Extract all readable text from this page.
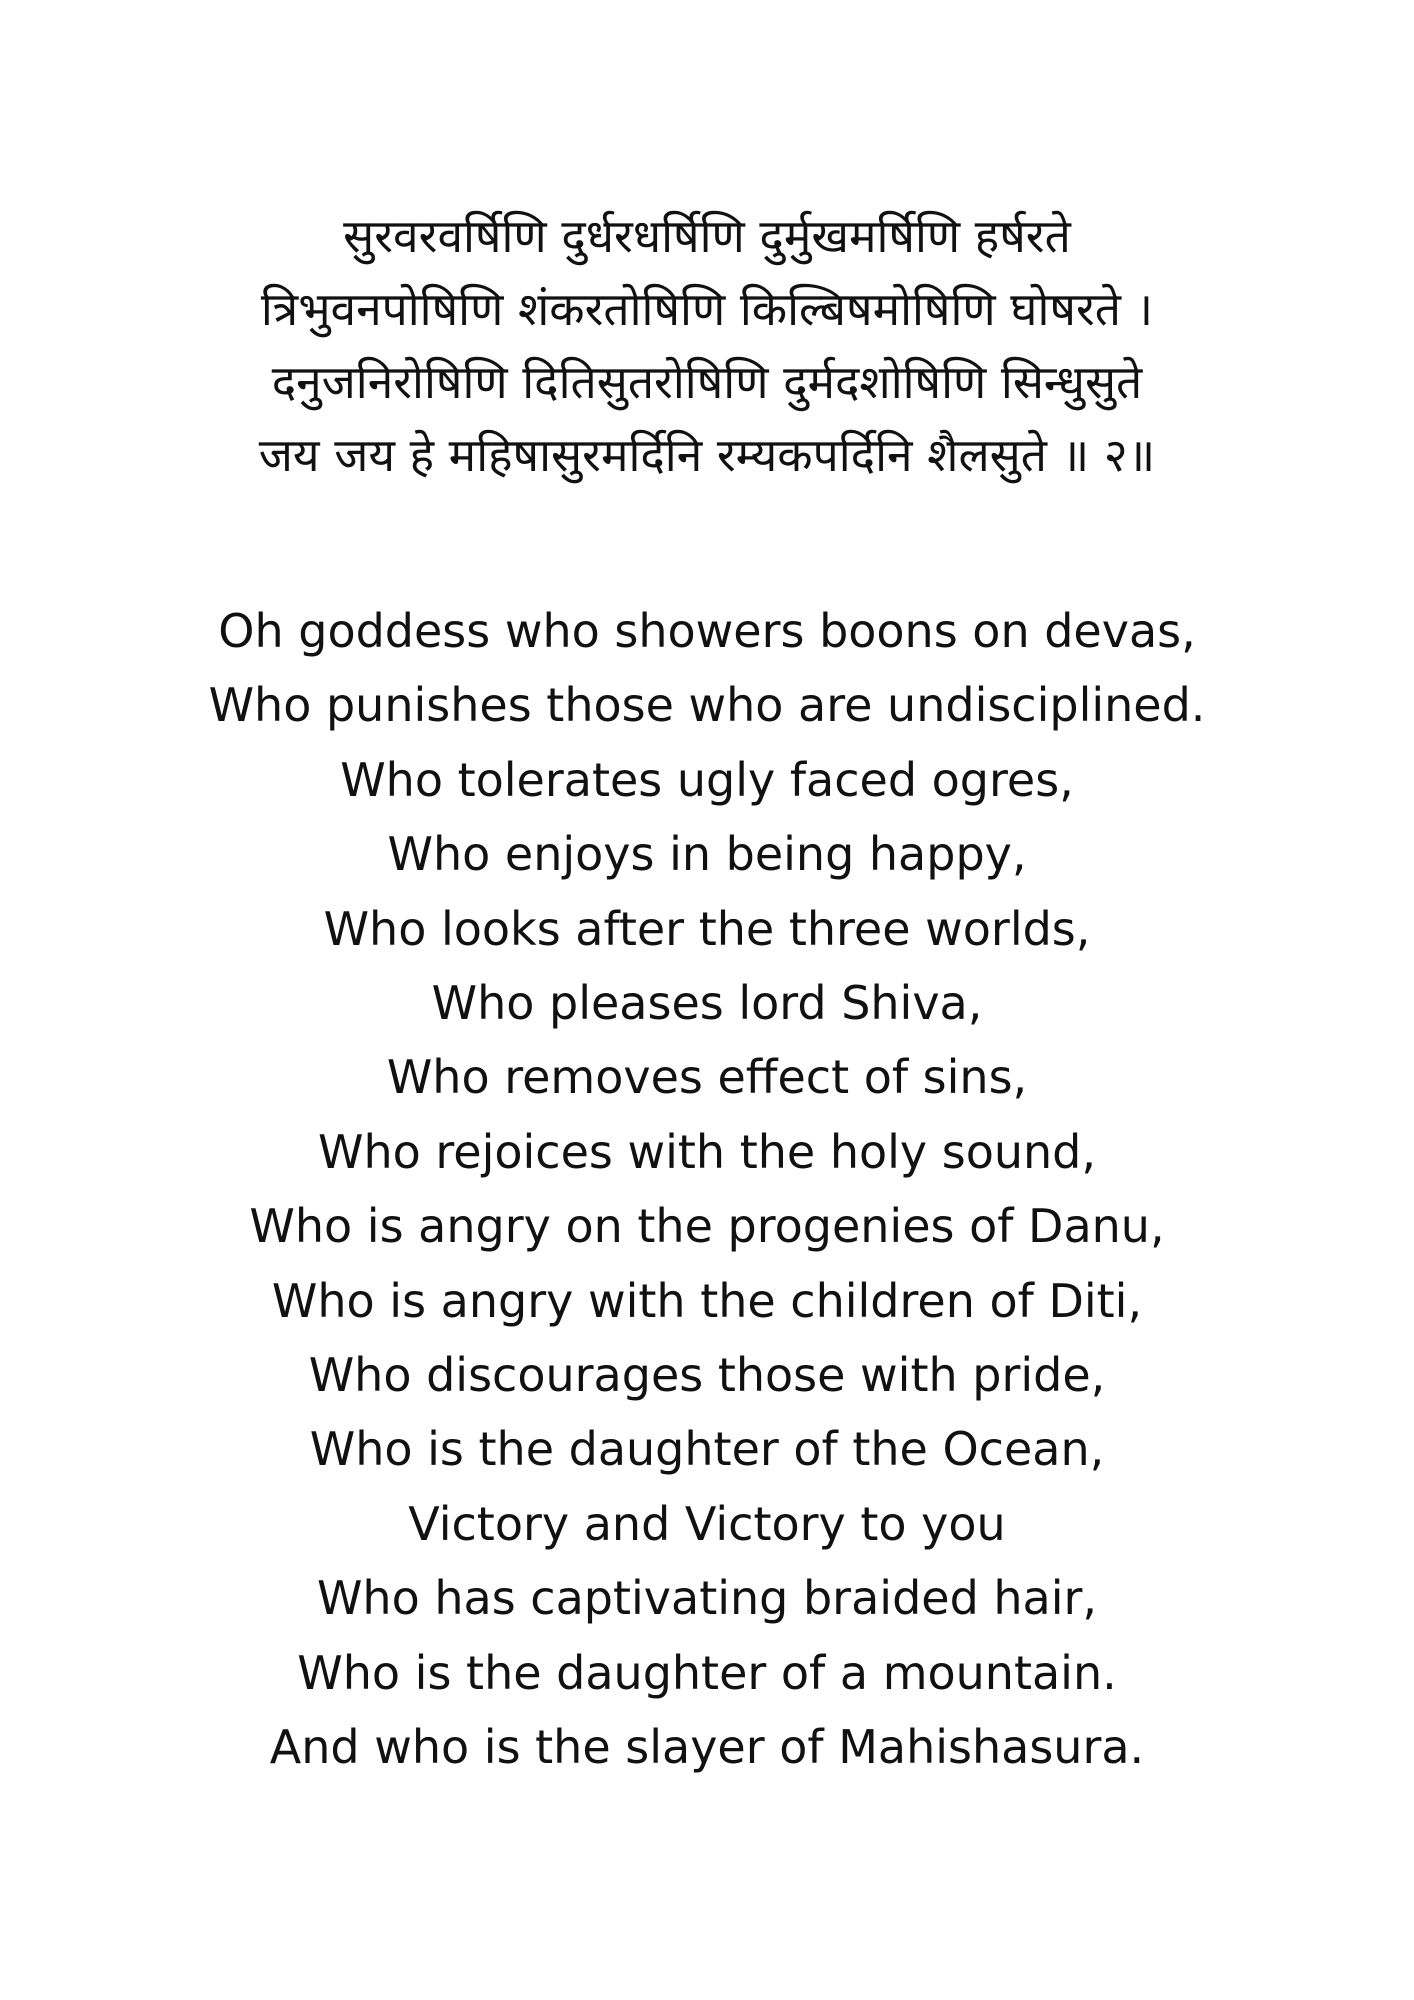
सुरवरवर्षिणि दुर्धरधर्षिणि दुर्मुखमर्षिणि हर्षरते
त्रिभुवनपोषिणि शंकरतोषिणि किल्बिषमोषिणि घोषरते ।
दनुजनिरोषिणि दितिसुतरोषिणि दुर्मदशोषिणि सिन्धुसुते
जय जय हे महिषासुरमर्दिनि रम्यकपर्दिनि शैलसुते ॥ २॥
Oh goddess who showers boons on devas,
Who punishes those who are undisciplined.
Who tolerates ugly faced ogres,
Who enjoys in being happy,
Who looks after the three worlds,
Who pleases lord Shiva,
Who removes effect of sins,
Who rejoices with the holy sound,
Who is angry on the progenies of Danu,
Who is angry with the children of Diti,
Who discourages those with pride,
Who is the daughter of the Ocean,
Victory and Victory to you
Who has captivating braided hair,
Who is the daughter of a mountain.
And who is the slayer of Mahishasura.
